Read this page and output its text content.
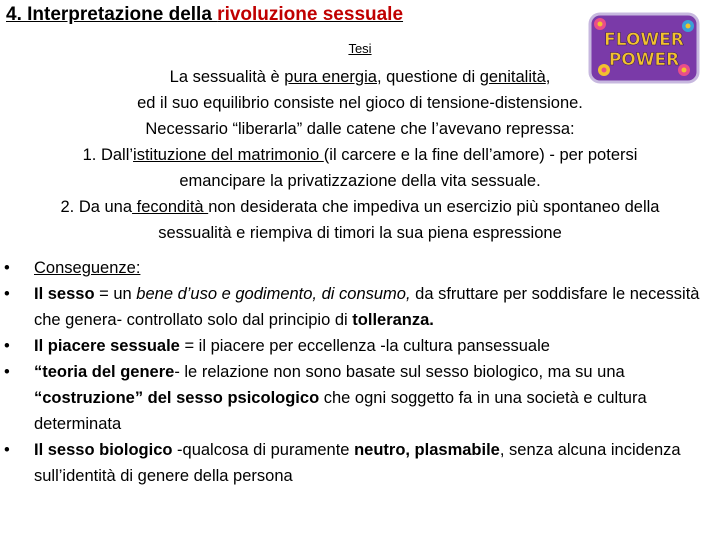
4. Interpretazione della rivoluzione sessuale
Tesi	FLOWER
POWER
La sessualità è pura energia, questione di genitalità,
ed il suo equilibrio consiste nel gioco di tensione-distensione.
Necessario “liberarla” dalle catene che l’avevano repressa:
1. Dall’istituzione del matrimonio (il carcere e la fine dell’amore) - per potersi
emancipare la privatizzazione della vita sessuale.
2. Da una fecondità non desiderata che impediva un esercizio più spontaneo della
sessualità e riempiva di timori la sua piena espressione
• Conseguenze:
• Il sesso = un bene d’uso e godimento, di consumo, da sfruttare per soddisfare le necessità che genera- controllato solo dal principio di tolleranza.
• Il piacere sessuale = il piacere per eccellenza -la cultura pansessuale
• “teoria del genere- le relazione non sono basate sul sesso biologico, ma su una “costruzione” del sesso psicologico che ogni soggetto fa in una società e cultura determinata
• Il sesso biologico -qualcosa di puramente neutro, plasmabile, senza alcuna incidenza sull’identità di genere della persona
